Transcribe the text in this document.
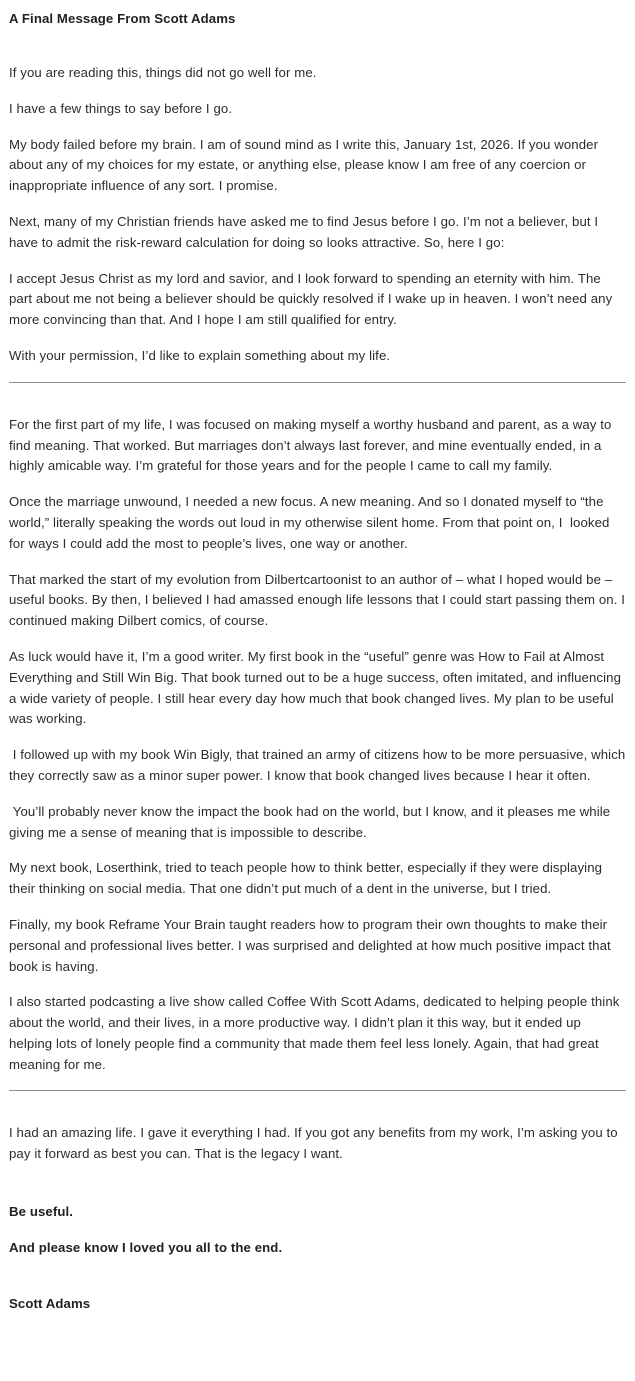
A Final Message From Scott Adams

If you are reading this, things did not go well for me.

I have a few things to say before I go.

My body failed before my brain. I am of sound mind as I write this, January 1st, 2026. If you wonder about any of my choices for my estate, or anything else, please know I am free of any coercion or inappropriate influence of any sort. I promise.

Next, many of my Christian friends have asked me to find Jesus before I go. I’m not a believer, but I have to admit the risk-reward calculation for doing so looks attractive. So, here I go:

I accept Jesus Christ as my lord and savior, and I look forward to spending an eternity with him. The part about me not being a believer should be quickly resolved if I wake up in heaven. I won’t need any more convincing than that. And I hope I am still qualified for entry.

With your permission, I’d like to explain something about my life.

For the first part of my life, I was focused on making myself a worthy husband and parent, as a way to find meaning. That worked. But marriages don’t always last forever, and mine eventually ended, in a highly amicable way. I’m grateful for those years and for the people I came to call my family.

Once the marriage unwound, I needed a new focus. A new meaning. And so I donated myself to “the world,” literally speaking the words out loud in my otherwise silent home. From that point on, I  looked for ways I could add the most to people’s lives, one way or another.

That marked the start of my evolution from Dilbertcartoonist to an author of – what I hoped would be – useful books. By then, I believed I had amassed enough life lessons that I could start passing them on. I continued making Dilbert comics, of course.

As luck would have it, I’m a good writer. My first book in the “useful” genre was How to Fail at Almost Everything and Still Win Big. That book turned out to be a huge success, often imitated, and influencing a wide variety of people. I still hear every day how much that book changed lives. My plan to be useful was working.

I followed up with my book Win Bigly, that trained an army of citizens how to be more persuasive, which they correctly saw as a minor super power. I know that book changed lives because I hear it often.

You’ll probably never know the impact the book had on the world, but I know, and it pleases me while giving me a sense of meaning that is impossible to describe.

My next book, Loserthink, tried to teach people how to think better, especially if they were displaying their thinking on social media. That one didn’t put much of a dent in the universe, but I tried.

Finally, my book Reframe Your Brain taught readers how to program their own thoughts to make their personal and professional lives better. I was surprised and delighted at how much positive impact that book is having.

I also started podcasting a live show called Coffee With Scott Adams, dedicated to helping people think about the world, and their lives, in a more productive way. I didn’t plan it this way, but it ended up helping lots of lonely people find a community that made them feel less lonely. Again, that had great meaning for me.

I had an amazing life. I gave it everything I had. If you got any benefits from my work, I’m asking you to pay it forward as best you can. That is the legacy I want.

Be useful.

And please know I loved you all to the end.

Scott Adams
